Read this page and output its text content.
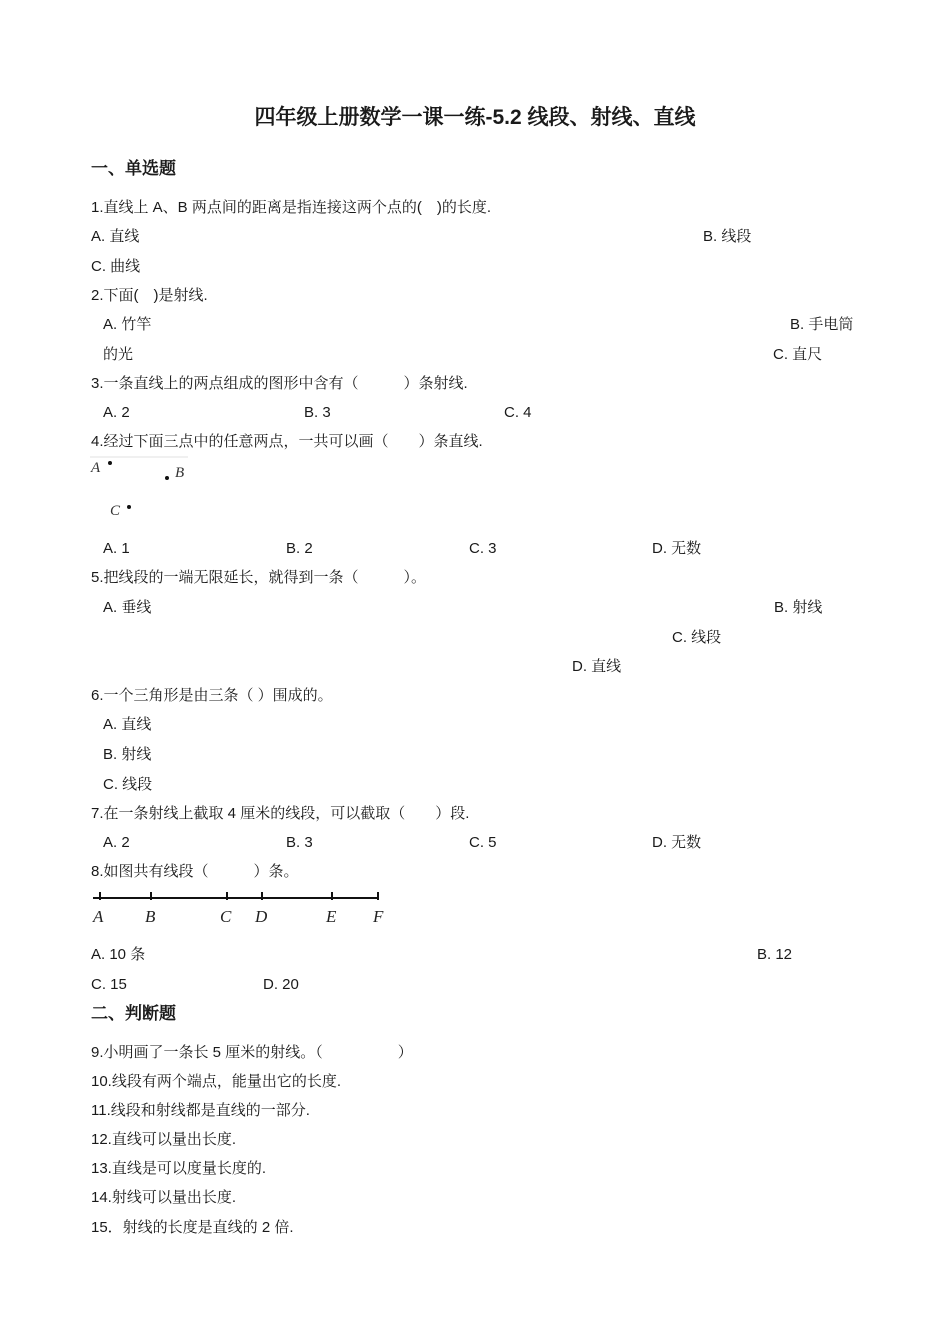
四年级上册数学一课一练-5.2 线段、射线、直线
一、单选题
1.直线上 A、B 两点间的距离是指连接这两个点的(　)的长度.
A. 直线	B. 线段
C. 曲线
2.下面(　)是射线.
A. 竹竿	B. 手电筒
的光	C. 直尺
3.一条直线上的两点组成的图形中含有（　　　）条射线.
A. 2	B. 3	C. 4
4.经过下面三点中的任意两点，一共可以画（　　）条直线.
A	B
C
A. 1	B. 2	C. 3	D. 无数
5.把线段的一端无限延长，就得到一条（　　　）。
A. 垂线	B. 射线
C. 线段
D. 直线
6.一个三角形是由三条（ ）围成的。
A. 直线
B. 射线
C. 线段
7.在一条射线上截取 4 厘米的线段，可以截取（　　）段.
A. 2	B. 3	C. 5	D. 无数
8.如图共有线段（　　　）条。
A B	C D	E F
A. 10 条	B. 12
C. 15	D. 20
二、判断题
9.小明画了一条长 5 厘米的射线。（　　　　　）
10.线段有两个端点，能量出它的长度.
11.线段和射线都是直线的一部分.
12.直线可以量出长度.
13.直线是可以度量长度的.
14.射线可以量出长度.
15．射线的长度是直线的 2 倍.
